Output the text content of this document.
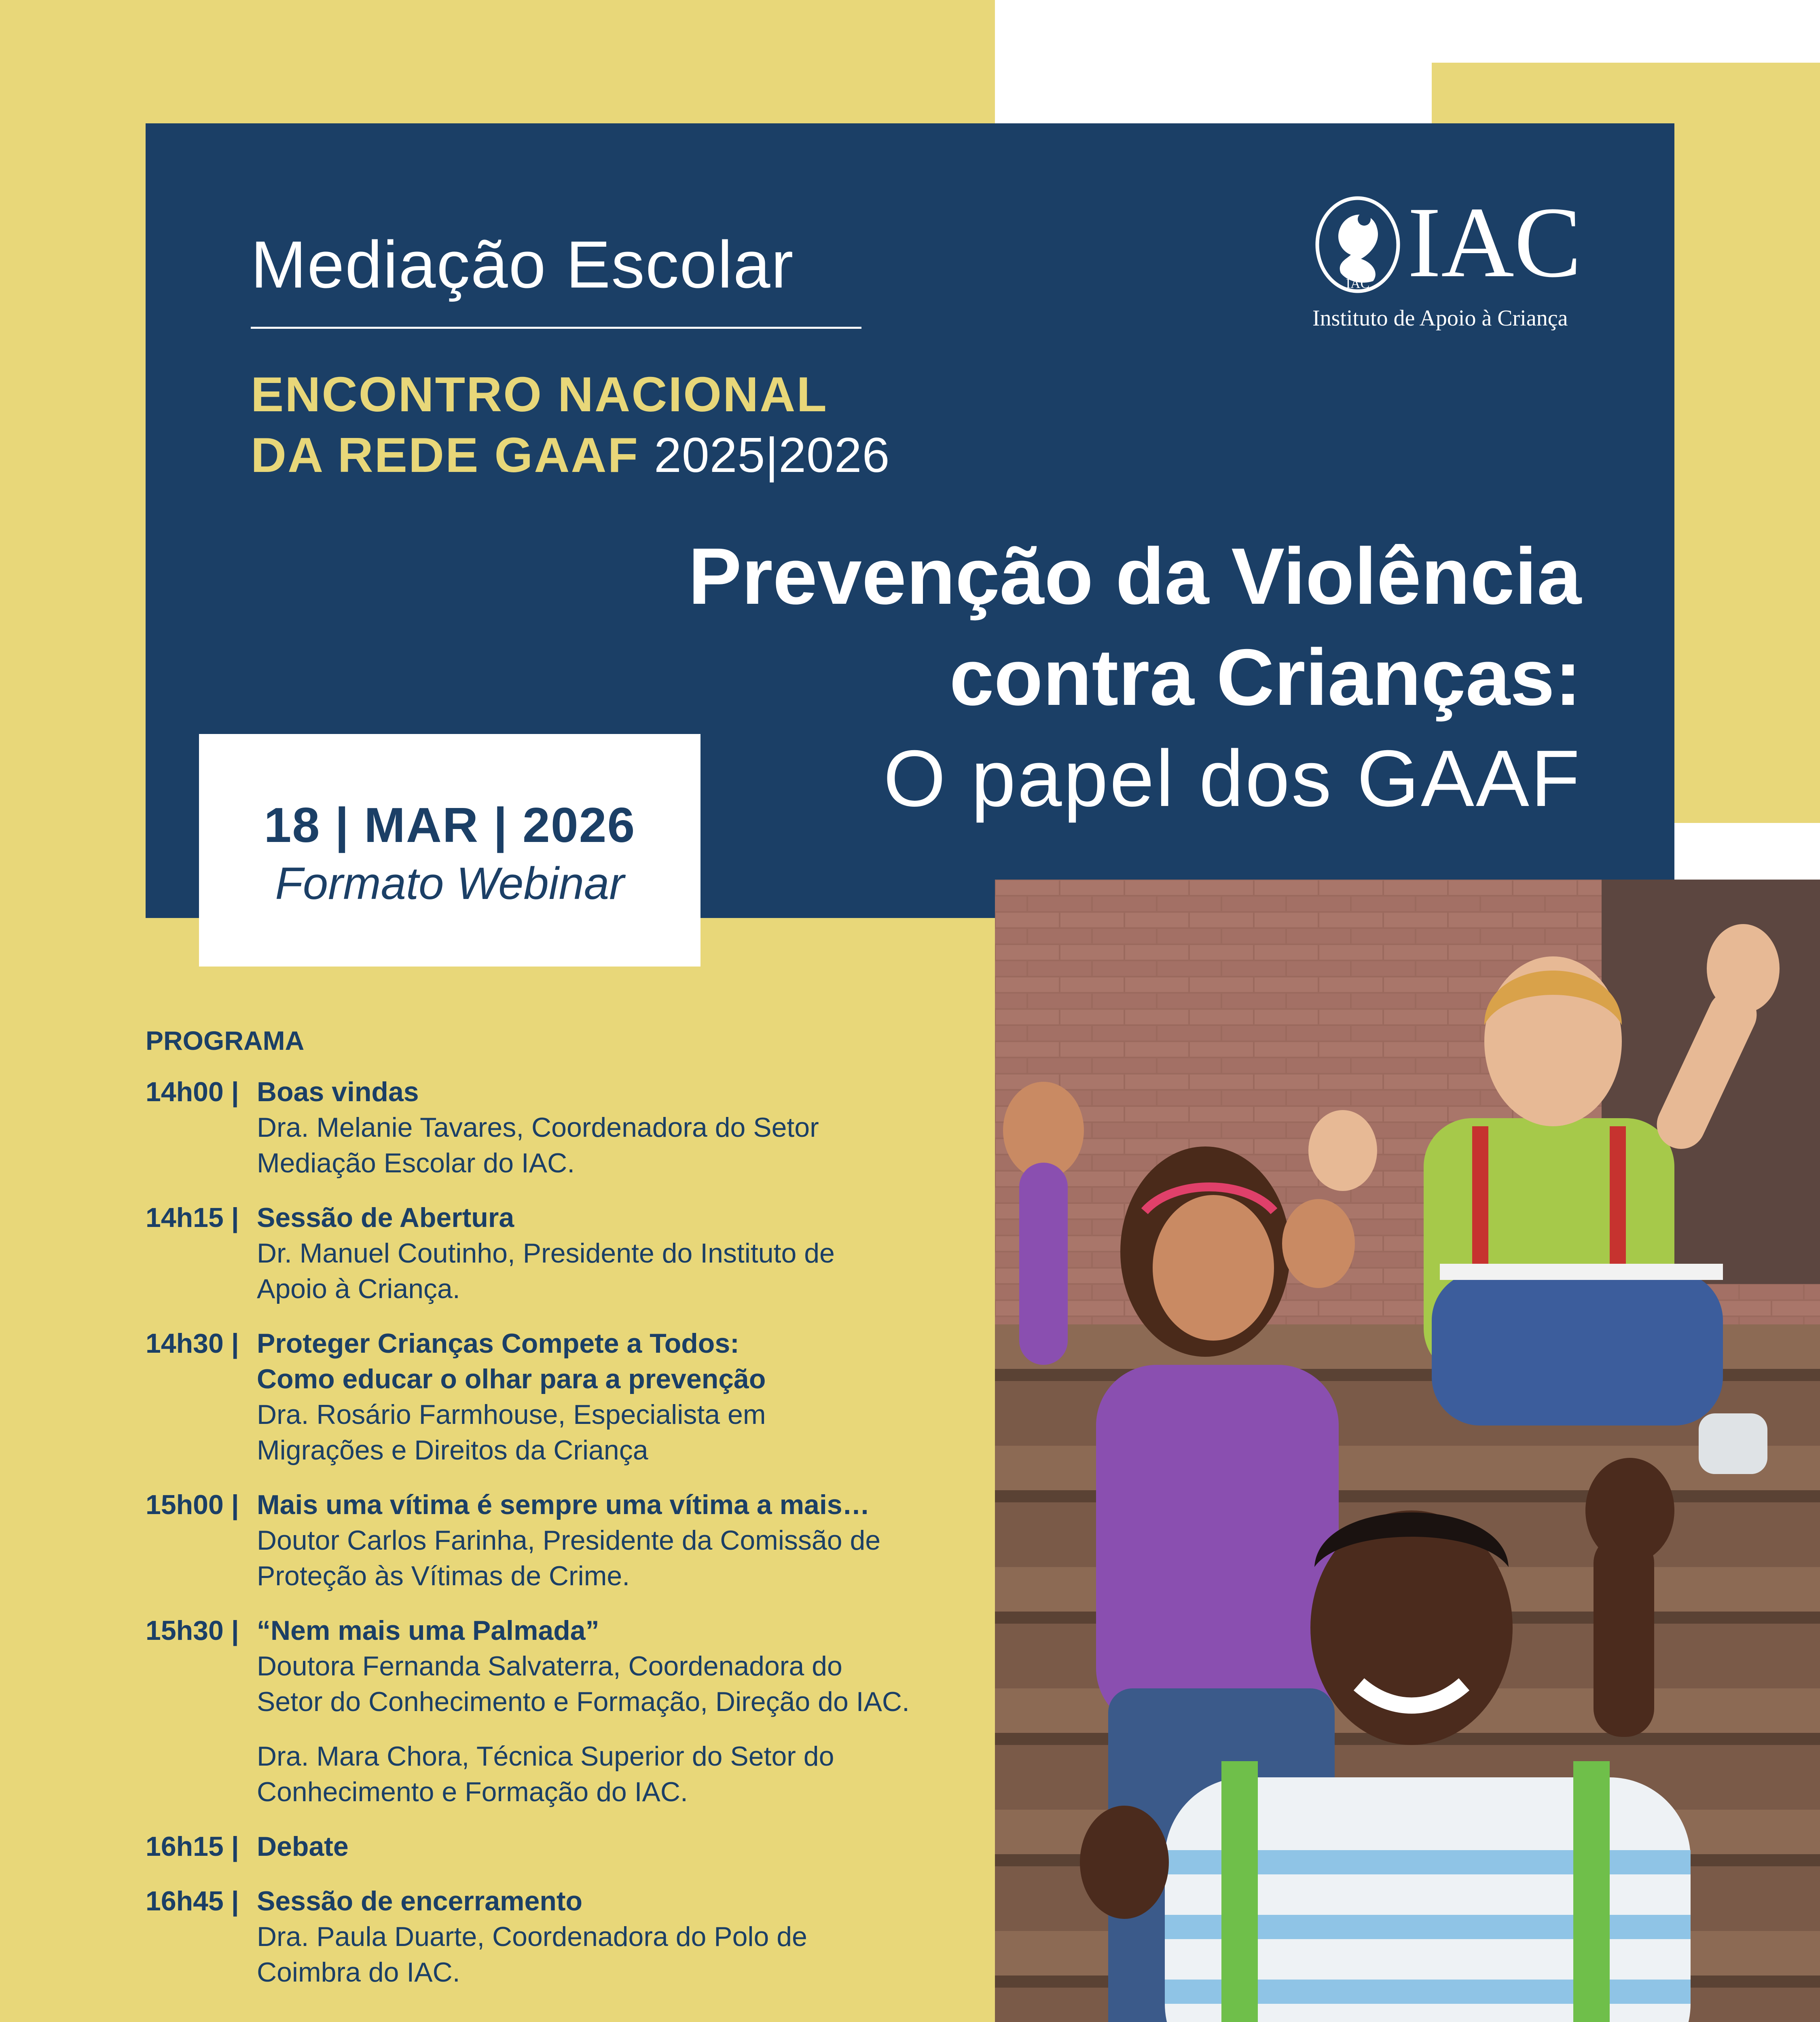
Mediação Escolar
ENCONTRO NACIONAL
DA REDE GAAF 2025|2026
IAC IAC
Instituto de Apoio à Criança
Prevenção da Violência
contra Crianças:
O papel dos GAAF
18 | MAR | 2026
Formato Webinar
PROGRAMA
14h00 | Boas vindas
Dra. Melanie Tavares, Coordenadora do Setor
Mediação Escolar do IAC.
14h15 | Sessão de Abertura
Dr. Manuel Coutinho, Presidente do Instituto de
Apoio à Criança.
14h30 | Proteger Crianças Compete a Todos:
Como educar o olhar para a prevenção
Dra. Rosário Farmhouse, Especialista em
Migrações e Direitos da Criança
15h00 | Mais uma vítima é sempre uma vítima a mais…
Doutor Carlos Farinha, Presidente da Comissão de
Proteção às Vítimas de Crime.
15h30 | “Nem mais uma Palmada”
Doutora Fernanda Salvaterra, Coordenadora do
Setor do Conhecimento e Formação, Direção do IAC.
Dra. Mara Chora, Técnica Superior do Setor do
Conhecimento e Formação do IAC.
16h15 | Debate
16h45 | Sessão de encerramento
Dra. Paula Duarte, Coordenadora do Polo de
Coimbra do IAC.
